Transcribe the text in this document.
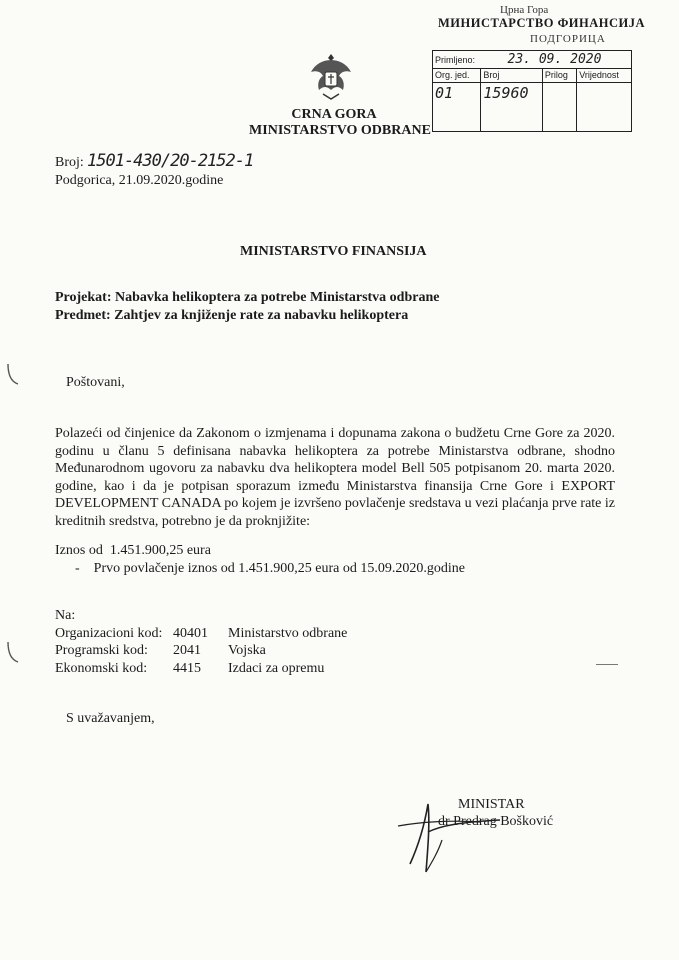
Црна Гора
МИНИСТАРСТВО ФИНАНСИЈА
ПОДГОРИЦА
Primljeno: 23. 09. 2020			
Org. jed.	Broj	Prilog	Vrijednost
01	15960		
CRNA GORA
MINISTARSTVO ODBRANE
Broj: 1501-430/20-2152-1
Podgorica, 21.09.2020.godine
MINISTARSTVO FINANSIJA
Projekat: Nabavka helikoptera za potrebe Ministarstva odbrane
Predmet: Zahtjev za knjiženje rate za nabavku helikoptera
Poštovani,
Polazeći od činjenice da Zakonom o izmjenama i dopunama zakona o budžetu Crne Gore za 2020. godinu u članu 5 definisana nabavka helikoptera za potrebe Ministarstva odbrane, shodno Međunarodnom ugovoru za nabavku dva helikoptera model Bell 505 potpisanom 20. marta 2020. godine, kao i da je potpisan sporazum između Ministarstva finansija Crne Gore i EXPORT DEVELOPMENT CANADA po kojem je izvršeno povlačenje sredstava u vezi plaćanja prve rate iz kreditnih sredstva, potrebno je da proknjižite:
Iznos od  1.451.900,25 eura
-    Prvo povlačenje iznos od 1.451.900,25 eura od 15.09.2020.godine
Na:
Organizacioni kod: 40401 Ministarstvo odbrane
Programski kod: 2041 Vojska
Ekonomski kod: 4415 Izdaci za opremu
S uvažavanjem,
MINISTAR
dr Predrag Bošković
